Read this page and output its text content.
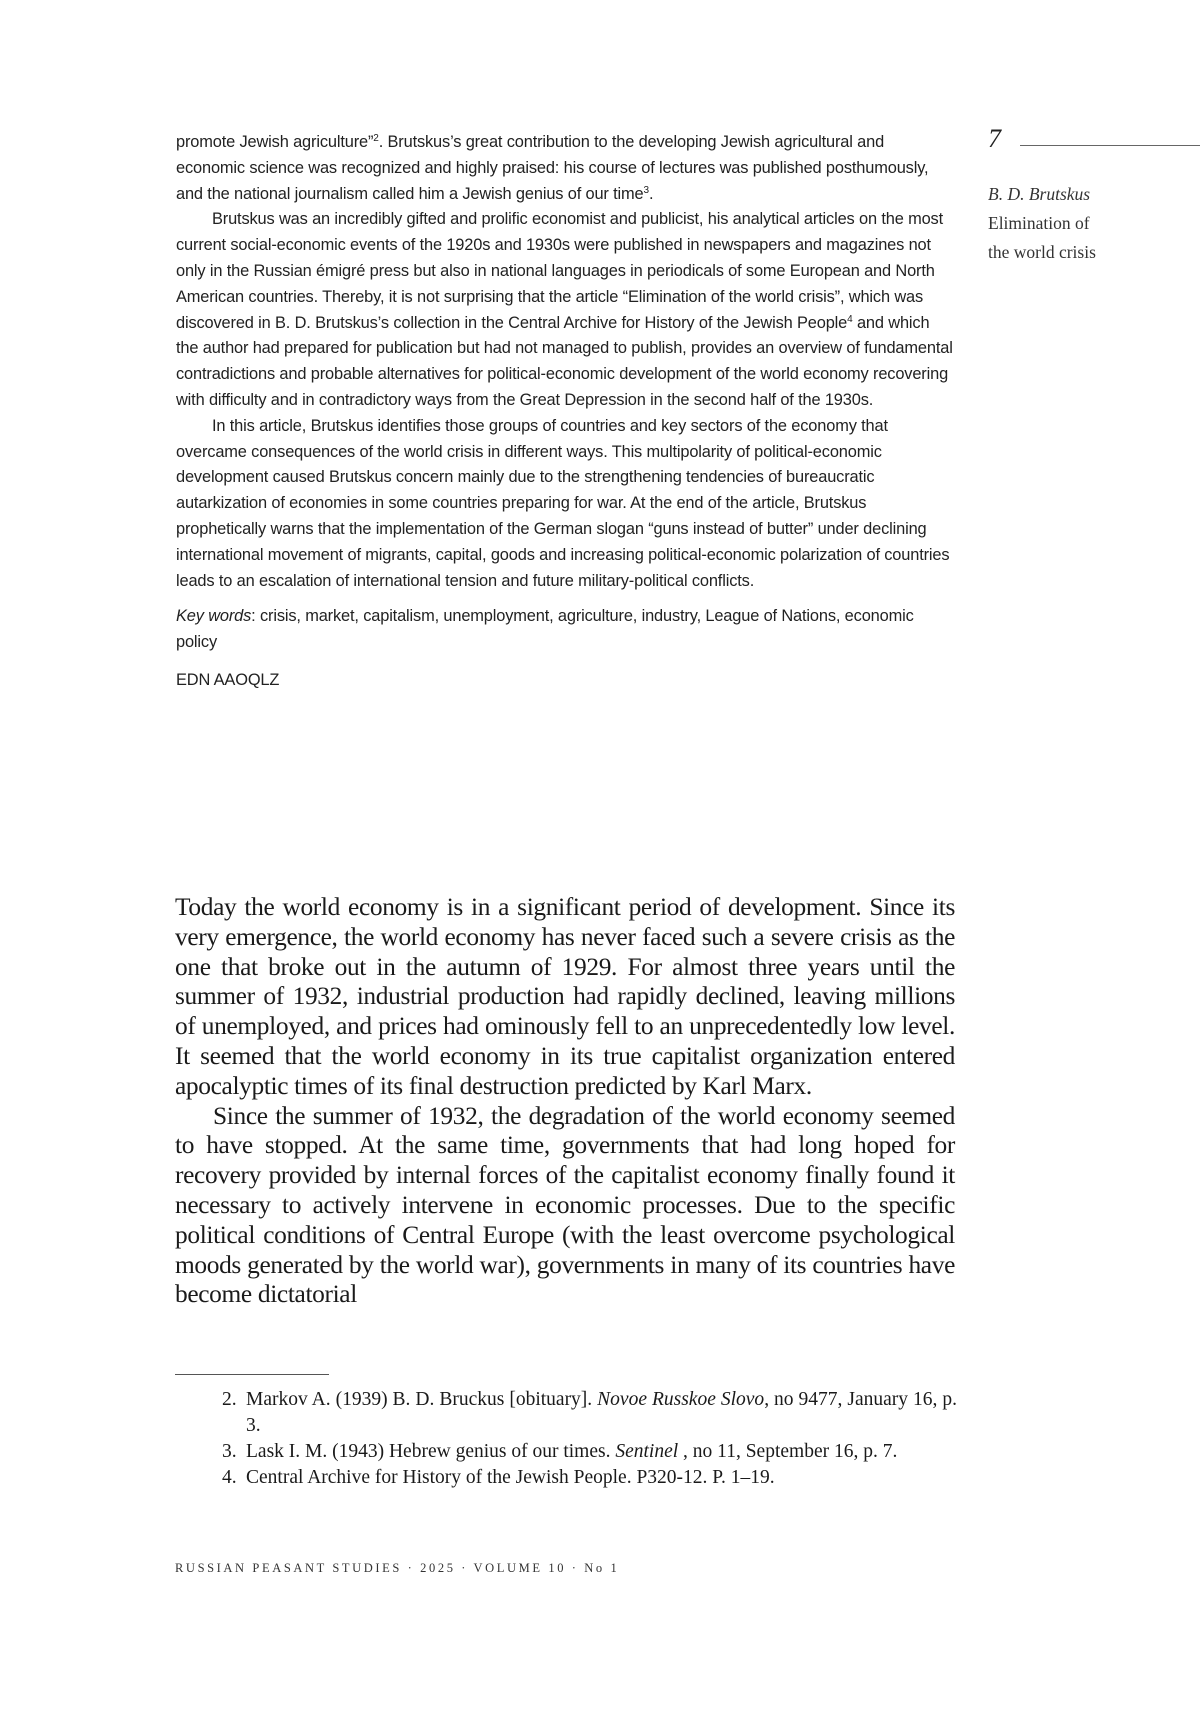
7
B. D. Brutskus
Elimination of
the world crisis

promote Jewish agriculture”$^2$. Brutskus’s great contribution to the developing Jewish agricultural and economic science was recognized and highly praised: his course of lectures was published posthumously, and the national journalism called him a Jewish genius of our time$^3$.

Brutskus was an incredibly gifted and prolific economist and publicist, his analytical articles on the most current social-economic events of the 1920s and 1930s were published in newspapers and magazines not only in the Russian émigré press but also in national languages in periodicals of some European and North American countries. Thereby, it is not surprising that the article “Elimination of the world crisis”, which was discovered in B. D. Brutskus’s collection in the Central Archive for History of the Jewish People$^4$ and which the author had prepared for publication but had not managed to publish, provides an overview of fundamental contradictions and probable alternatives for political-economic development of the world economy recovering with difficulty and in contradictory ways from the Great Depression in the second half of the 1930s.

In this article, Brutskus identifies those groups of countries and key sectors of the economy that overcame consequences of the world crisis in different ways. This multipolarity of political-economic development caused Brutskus concern mainly due to the strengthening tendencies of bureaucratic autarkization of economies in some countries preparing for war. At the end of the article, Brutskus prophetically warns that the implementation of the German slogan “guns instead of butter” under declining international movement of migrants, capital, goods and increasing political-economic polarization of countries leads to an escalation of international tension and future military-political conflicts.

Key words: crisis, market, capitalism, unemployment, agriculture, industry, League of Nations, economic policy

EDN AAOQLZ

Today the world economy is in a significant period of development. Since its very emergence, the world economy has never faced such a severe crisis as the one that broke out in the autumn of 1929. For almost three years until the summer of 1932, industrial production had rapidly declined, leaving millions of unemployed, and prices had ominously fell to an unprecedentedly low level. It seemed that the world economy in its true capitalist organization entered apocalyptic times of its final destruction predicted by Karl Marx.

Since the summer of 1932, the degradation of the world economy seemed to have stopped. At the same time, governments that had long hoped for recovery provided by internal forces of the capitalist economy finally found it necessary to actively intervene in economic processes. Due to the specific political conditions of Central Europe (with the least overcome psychological moods generated by the world war), governments in many of its countries have become dictatorial

2. Markov A. (1939) B. D. Bruckus [obituary]. Novoe Russkoe Slovo, no 9477, January 16, p. 3.

3. Lask I. M. (1943) Hebrew genius of our times. Sentinel , no 11, September 16, p. 7.

4. Central Archive for History of the Jewish People. P320-12. P. 1–19.

RUSSIAN PEASANT STUDIES · 2025 · VOLUME 10 · No 1
